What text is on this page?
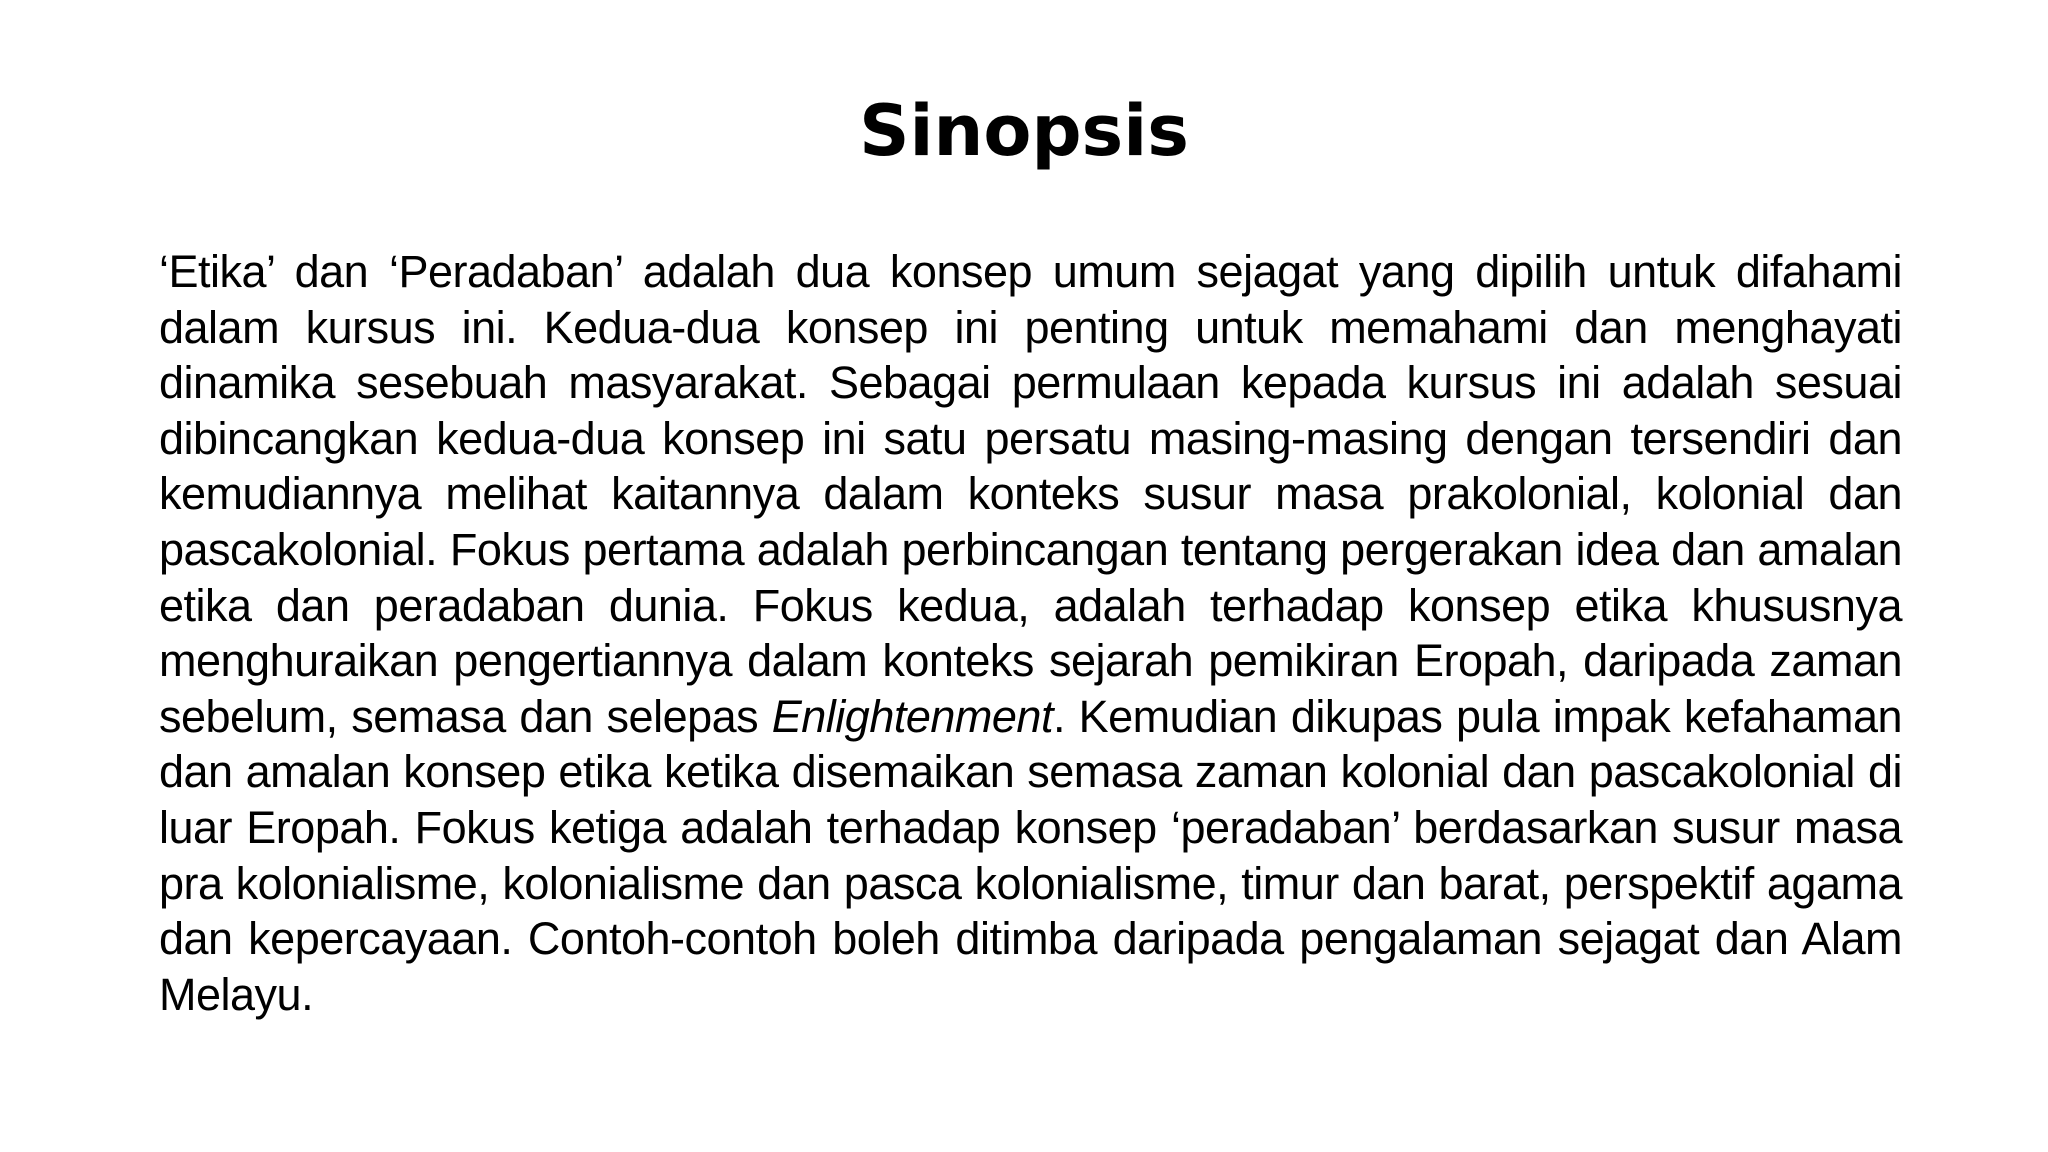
Sinopsis
‘Etika’ dan ‘Peradaban’ adalah dua konsep umum sejagat yang dipilih untuk difahami dalam kursus ini. Kedua-dua konsep ini penting untuk memahami dan menghayati dinamika sesebuah masyarakat. Sebagai permulaan kepada kursus ini adalah sesuai dibincangkan kedua-dua konsep ini satu persatu masing-masing dengan tersendiri dan kemudiannya melihat kaitannya dalam konteks susur masa prakolonial, kolonial dan pascakolonial. Fokus pertama adalah perbincangan tentang pergerakan idea dan amalan etika dan peradaban dunia. Fokus kedua, adalah terhadap konsep etika khususnya menghuraikan pengertiannya dalam konteks sejarah pemikiran Eropah, daripada zaman sebelum, semasa dan selepas Enlightenment. Kemudian dikupas pula impak kefahaman dan amalan konsep etika ketika disemaikan semasa zaman kolonial dan pascakolonial di luar Eropah. Fokus ketiga adalah terhadap konsep ‘peradaban’ berdasarkan susur masa pra kolonialisme, kolonialisme dan pasca kolonialisme, timur dan barat, perspektif agama dan kepercayaan. Contoh-contoh boleh ditimba daripada pengalaman sejagat dan Alam Melayu.
